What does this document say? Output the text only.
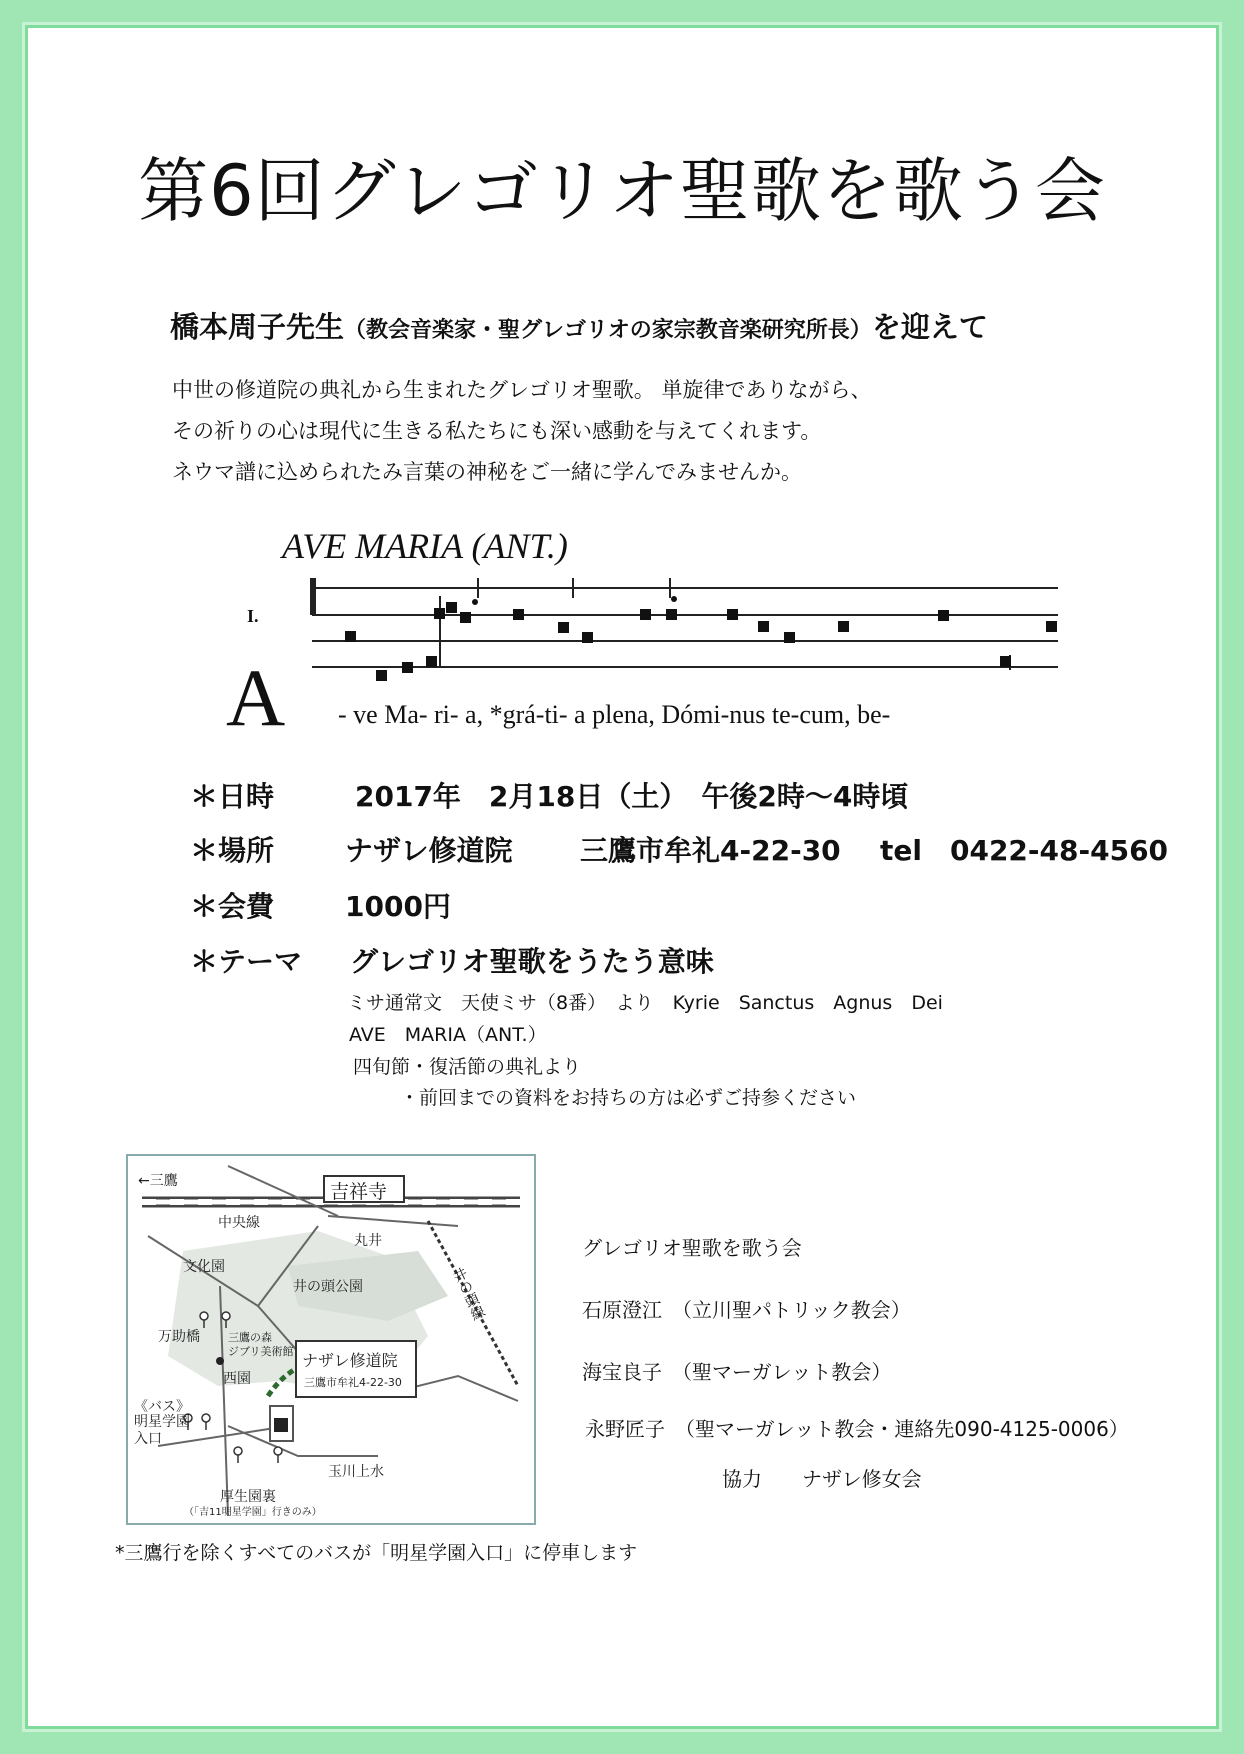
第6回グレゴリオ聖歌を歌う会
橋本周子先生（教会音楽家・聖グレゴリオの家宗教音楽研究所長）を迎えて
中世の修道院の典礼から生まれたグレゴリオ聖歌。 単旋律でありながら、
その祈りの心は現代に生きる私たちにも深い感動を与えてくれます。
ネウマ譜に込められたみ言葉の神秘をご一緒に学んでみませんか。
AVE MARIA (ANT.)
I.
A - ve Ma- ri- a, *grá-ti- a plena, Dómi-nus te-cum, be-
＊日時	2017年　2月18日（土）　午後2時～4時頃
＊場所	ナザレ修道院 三鷹市牟礼4-22-30 tel　0422-48-4560
＊会費	1000円
＊テーマ グレゴリオ聖歌をうたう意味
ミサ通常文　天使ミサ（8番）　より　Kyrie　Sanctus　Agnus　Dei
AVE　MARIA（ANT.）
四旬節・復活節の典礼より
・前回までの資料をお持ちの方は必ずご持参ください
←三鷹	吉祥寺
中央線
丸井
井の頭線
文化園
井の頭公園
万助橋	三鷹の森
ジブリ美術館
西園
ナザレ修道院
三鷹市牟礼4-22-30
《バス》
明星学園
入口
玉川上水
厚生園裏
（「吉11明星学園」行きのみ）
グレゴリオ聖歌を歌う会
石原澄江　（立川聖パトリック教会）
海宝良子　（聖マーガレット教会）
永野匠子　（聖マーガレット教会・連絡先090-4125-0006）
協力　　ナザレ修女会
*三鷹行を除くすべてのバスが「明星学園入口」に停車します
